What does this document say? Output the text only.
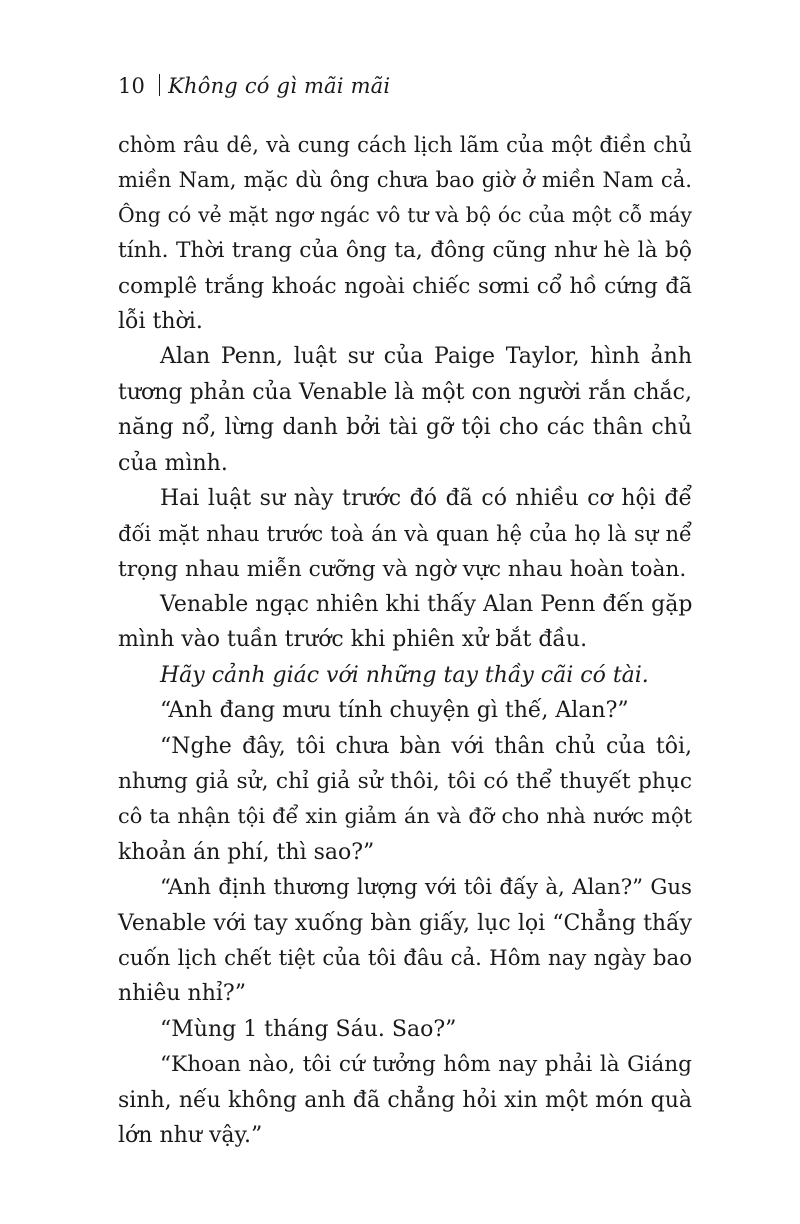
10 Không có gì mãi mãi
chòm râu dê, và cung cách lịch lãm của một điền chủ
miền Nam, mặc dù ông chưa bao giờ ở miền Nam cả.
Ông có vẻ mặt ngơ ngác vô tư và bộ óc của một cỗ máy
tính. Thời trang của ông ta, đông cũng như hè là bộ
complê trắng khoác ngoài chiếc sơmi cổ hồ cứng đã
lỗi thời.
Alan Penn, luật sư của Paige Taylor, hình ảnh
tương phản của Venable là một con người rắn chắc,
năng nổ, lừng danh bởi tài gỡ tội cho các thân chủ
của mình.
Hai luật sư này trước đó đã có nhiều cơ hội để
đối mặt nhau trước toà án và quan hệ của họ là sự nể
trọng nhau miễn cưỡng và ngờ vực nhau hoàn toàn.
Venable ngạc nhiên khi thấy Alan Penn đến gặp
mình vào tuần trước khi phiên xử bắt đầu.
Hãy cảnh giác với những tay thầy cãi có tài.
“Anh đang mưu tính chuyện gì thế, Alan?”
“Nghe đây, tôi chưa bàn với thân chủ của tôi,
nhưng giả sử, chỉ giả sử thôi, tôi có thể thuyết phục
cô ta nhận tội để xin giảm án và đỡ cho nhà nước một
khoản án phí, thì sao?”
“Anh định thương lượng với tôi đấy à, Alan?” Gus
Venable với tay xuống bàn giấy, lục lọi “Chẳng thấy
cuốn lịch chết tiệt của tôi đâu cả. Hôm nay ngày bao
nhiêu nhỉ?”
“Mùng 1 tháng Sáu. Sao?”
“Khoan nào, tôi cứ tưởng hôm nay phải là Giáng
sinh, nếu không anh đã chẳng hỏi xin một món quà
lớn như vậy.”
